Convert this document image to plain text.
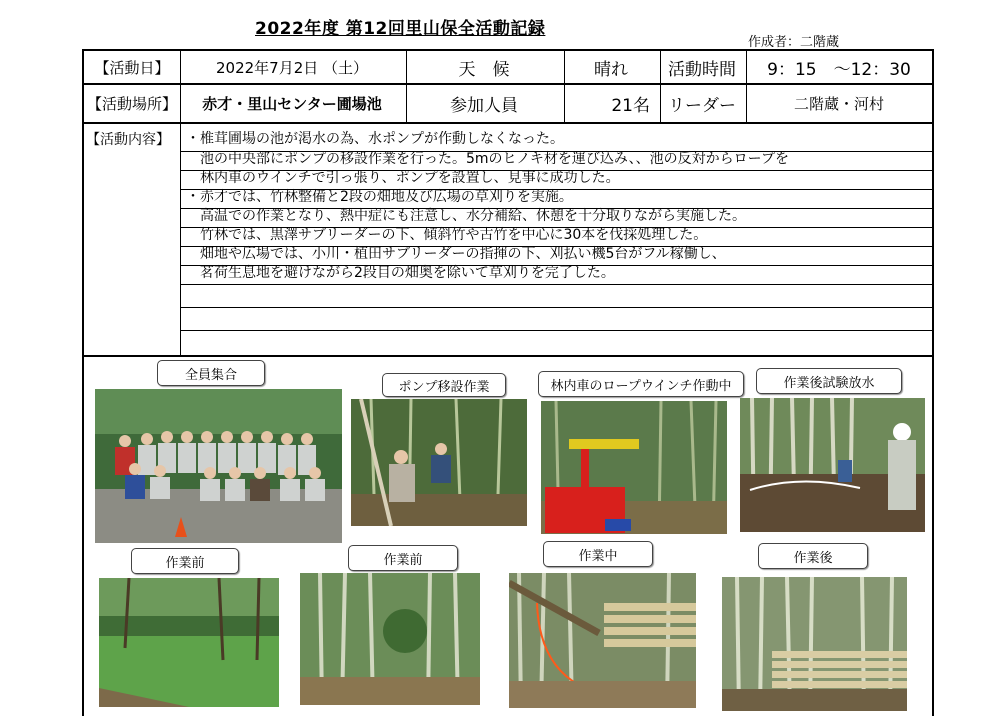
2022年度 第12回里山保全活動記録
作成者：二階蔵
【活動日】	2022年7月2日 （土）	天　候	晴れ	活動時間	9：15　～12：30
【活動場所】	赤才・里山センター圃場池	参加人員	21名	リーダー	二階蔵・河村
【活動内容】 ・椎茸圃場の池が渇水の為、水ポンプが作動しなくなった。
　池の中央部にポンプの移設作業を行った。5mのヒノキ材を運び込み、、池の反対からロープを
　林内車のウインチで引っ張り、ポンプを設置し、見事に成功した。
・赤才では、竹林整備と2段の畑地及び広場の草刈りを実施。
　高温での作業となり、熱中症にも注意し、水分補給、休憩を十分取りながら実施した。
　竹林では、黒澤サブリーダーの下、傾斜竹や古竹を中心に30本を伐採処理した。
　畑地や広場では、小川・植田サブリーダーの指揮の下、刈払い機5台がフル稼働し、
　茗荷生息地を避けながら2段目の畑奥を除いて草刈りを完了した。
全員集合
ポンプ移設作業	林内車のロープウインチ作動中	作業後試験放水
作業前	作業前	作業中	作業後
